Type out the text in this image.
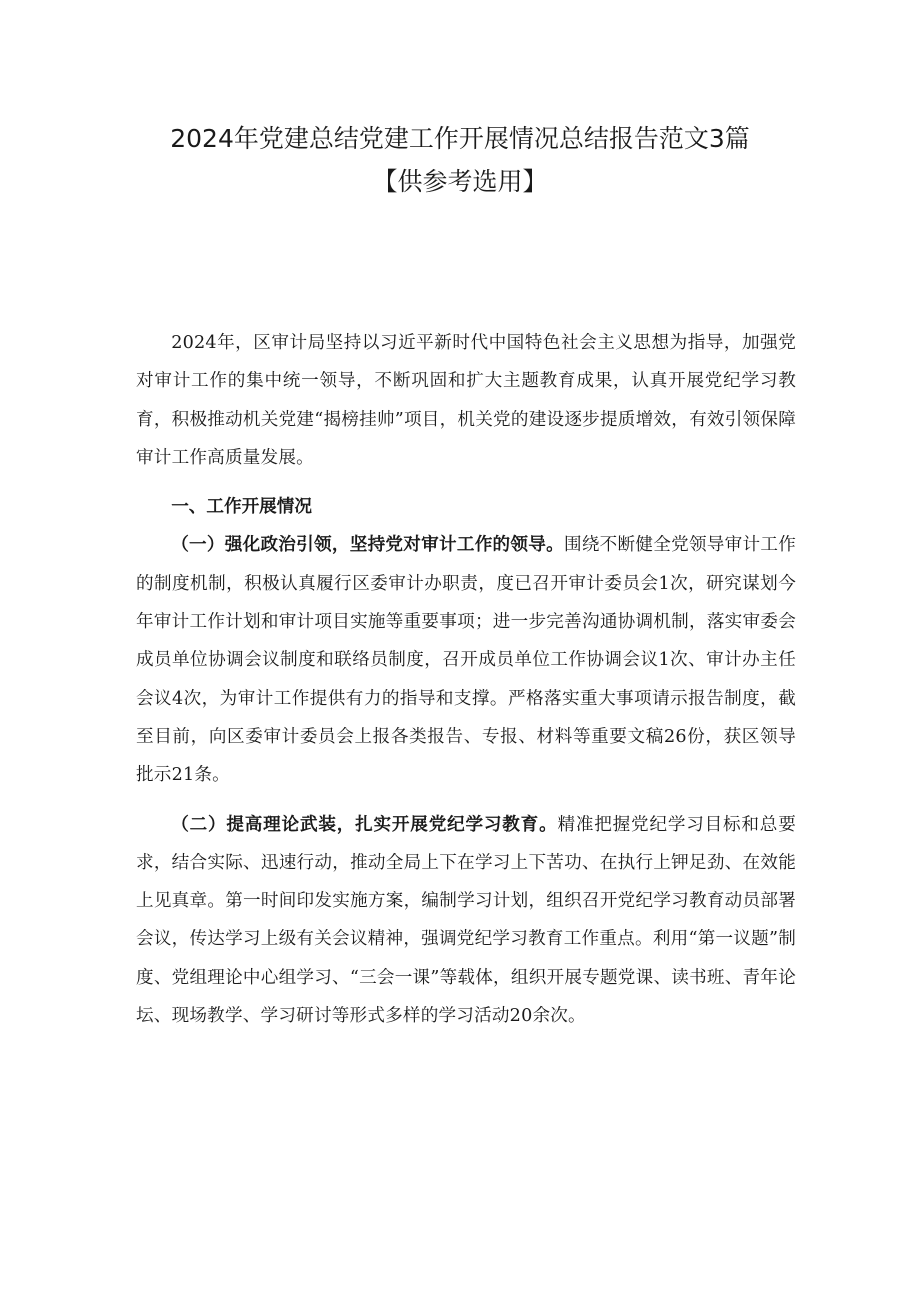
2024年党建总结党建工作开展情况总结报告范文3篇
【供参考选用】

2024年，区审计局坚持以习近平新时代中国特色社会主义思想为指导，加强党对审计工作的集中统一领导，不断巩固和扩大主题教育成果，认真开展党纪学习教育，积极推动机关党建“揭榜挂帅”项目，机关党的建设逐步提质增效，有效引领保障审计工作高质量发展。

一、工作开展情况

（一）强化政治引领，坚持党对审计工作的领导。围绕不断健全党领导审计工作的制度机制，积极认真履行区委审计办职责，度已召开审计委员会1次，研究谋划今年审计工作计划和审计项目实施等重要事项；进一步完善沟通协调机制，落实审委会成员单位协调会议制度和联络员制度，召开成员单位工作协调会议1次、审计办主任会议4次，为审计工作提供有力的指导和支撑。严格落实重大事项请示报告制度，截至目前，向区委审计委员会上报各类报告、专报、材料等重要文稿26份，获区领导批示21条。

（二）提高理论武装，扎实开展党纪学习教育。精准把握党纪学习目标和总要求，结合实际、迅速行动，推动全局上下在学习上下苦功、在执行上钾足劲、在效能上见真章。第一时间印发实施方案，编制学习计划，组织召开党纪学习教育动员部署会议，传达学习上级有关会议精神，强调党纪学习教育工作重点。利用“第一议题”制度、党组理论中心组学习、“三会一课”等载体，组织开展专题党课、读书班、青年论坛、现场教学、学习研讨等形式多样的学习活动20余次。
